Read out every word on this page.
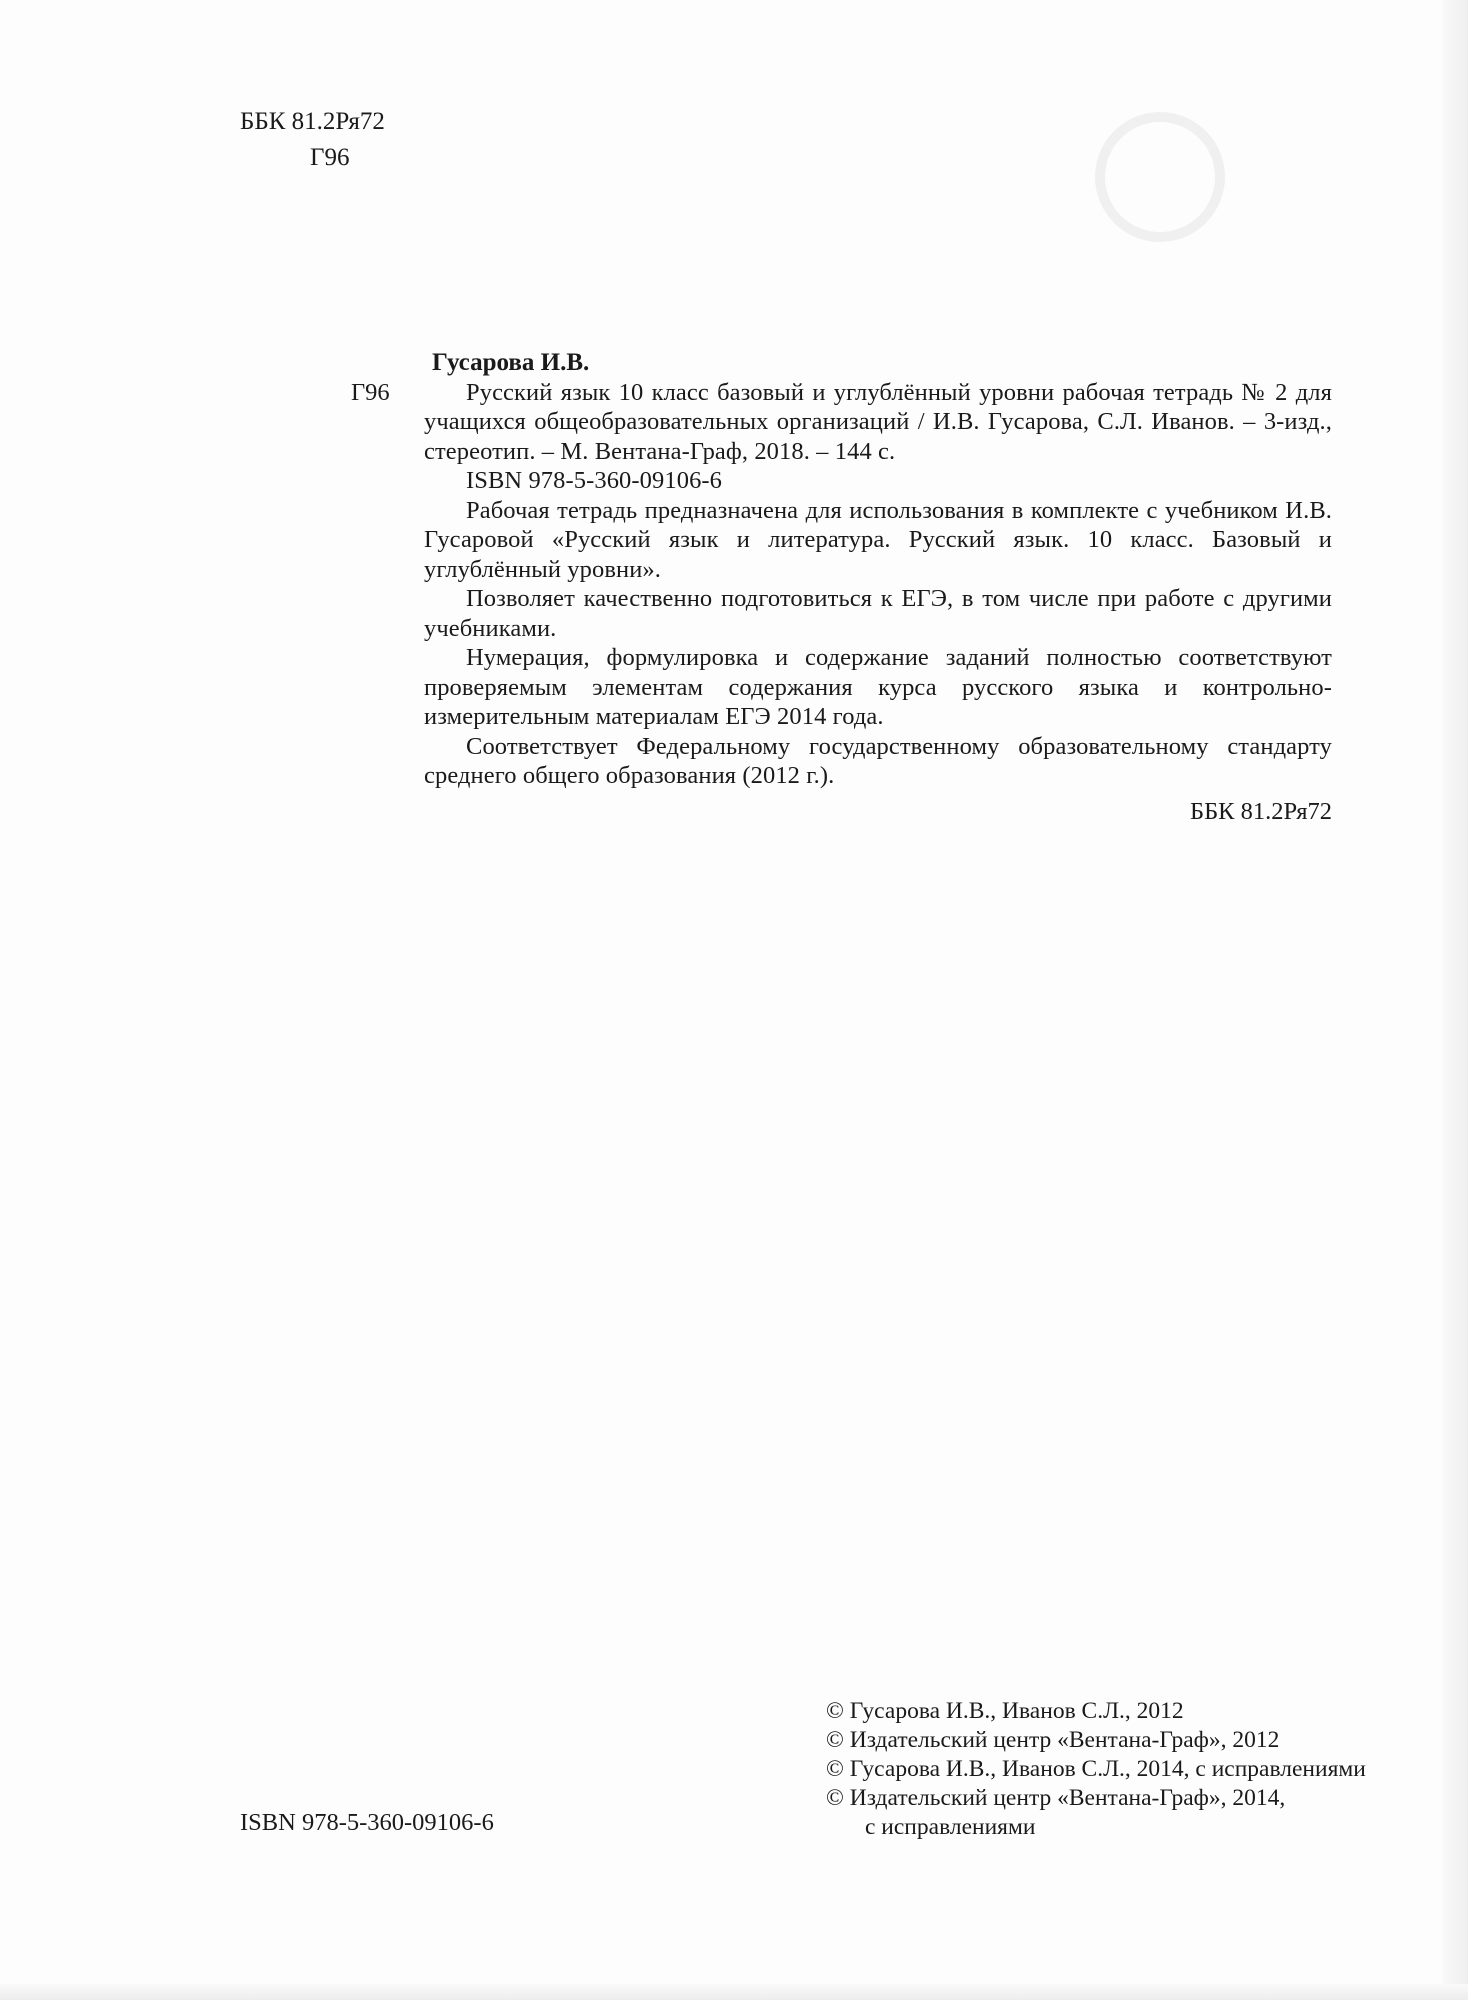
ББК 81.2Ря72
Г96
Гусарова И.В.
Г96	Русский язык 10 класс базовый и углублённый уровни рабочая тетрадь № 2 для учащихся общеобразовательных организаций / И.В. Гусарова, С.Л. Иванов. – 3-изд., стереотип. – М. Вентана-Граф, 2018. – 144 с.

ISBN 978-5-360-09106-6

Рабочая тетрадь предназначена для использования в комплекте с учебником И.В. Гусаровой «Русский язык и литература. Русский язык. 10 класс. Базовый и углублённый уровни».

Позволяет качественно подготовиться к ЕГЭ, в том числе при работе с другими учебниками.

Нумерация, формулировка и содержание заданий полностью соответствуют проверяемым элементам содержания курса русского языка и контрольно-измерительным материалам ЕГЭ 2014 года.

Соответствует Федеральному государственному образовательному стандарту среднего общего образования (2012 г.).

ББК 81.2Ря72
ISBN 978-5-360-09106-6
© Гусарова И.В., Иванов С.Л., 2012
© Издательский центр «Вентана-Граф», 2012
© Гусарова И.В., Иванов С.Л., 2014, с исправлениями
© Издательский центр «Вентана-Граф», 2014,
с исправлениями
